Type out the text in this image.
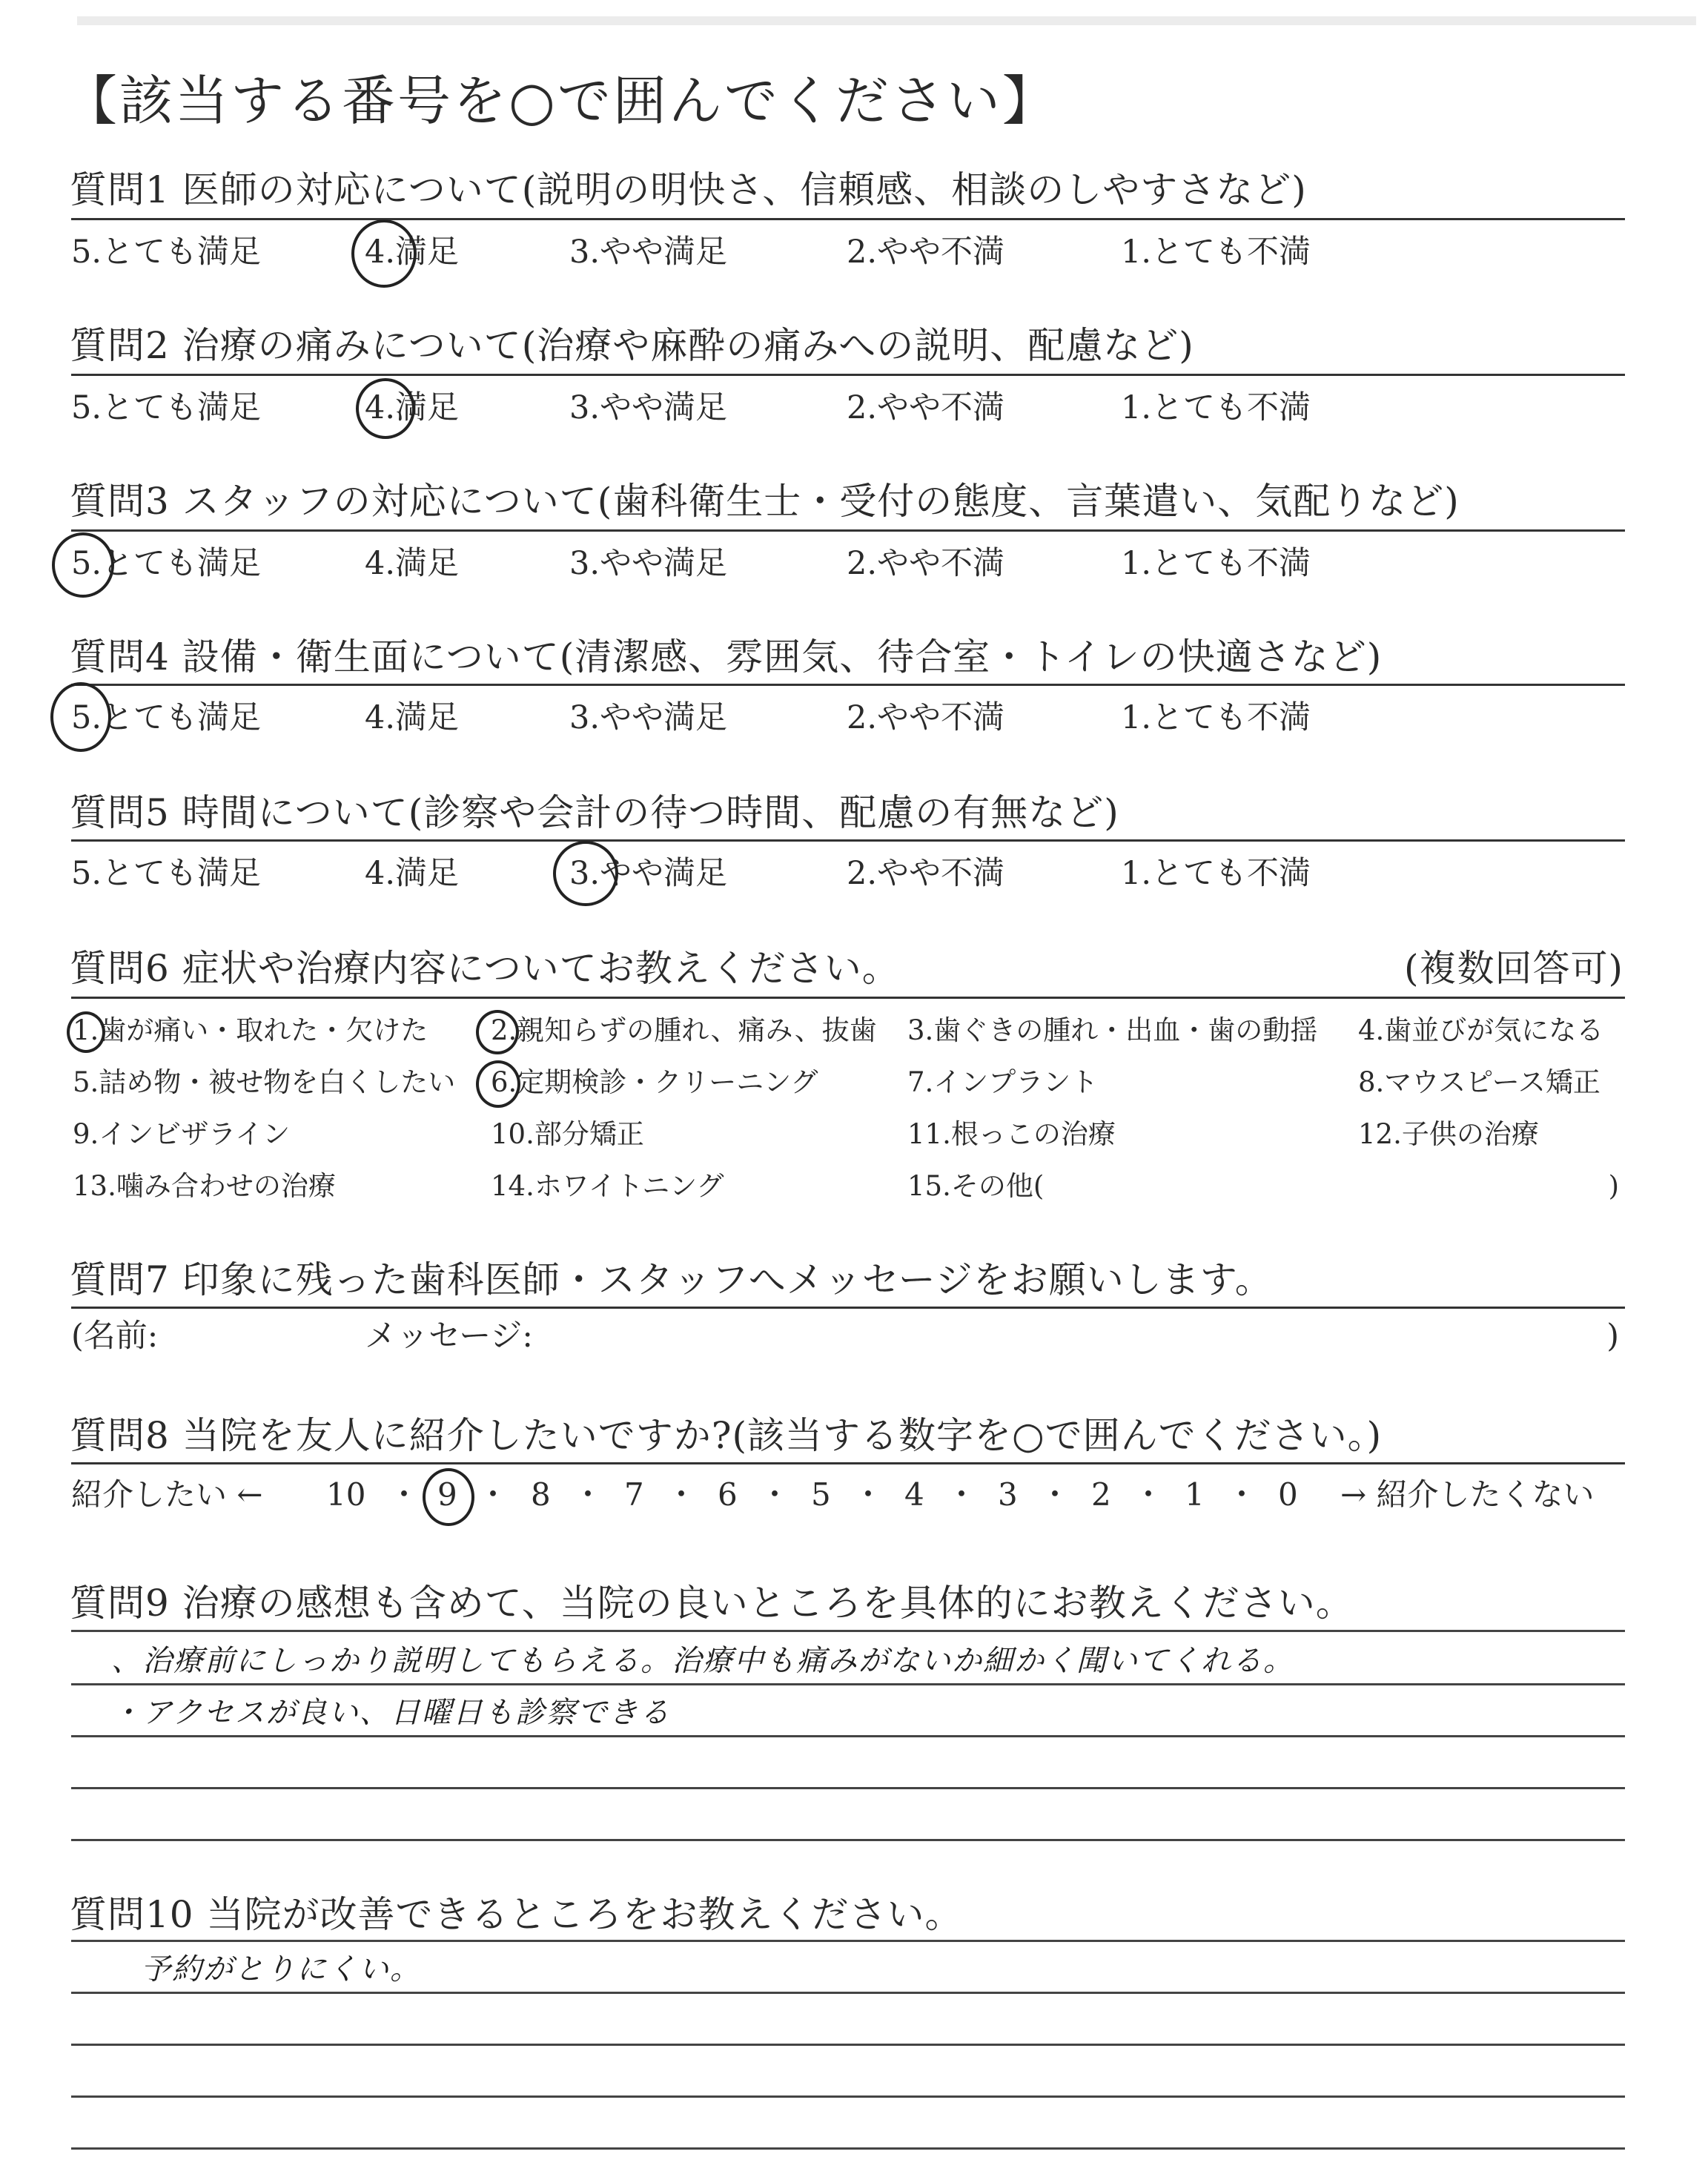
【該当する番号を○で囲んでください】
質問1 医師の対応について(説明の明快さ、信頼感、相談のしやすさなど)
5.とても満足	4.満足	3.やや満足	2.やや不満	1.とても不満
質問2 治療の痛みについて(治療や麻酔の痛みへの説明、配慮など)
5.とても満足	4.満足	3.やや満足	2.やや不満	1.とても不満
質問3 スタッフの対応について(歯科衛生士・受付の態度、言葉遣い、気配りなど)
5.とても満足	4.満足	3.やや満足	2.やや不満	1.とても不満
質問4 設備・衛生面について(清潔感、雰囲気、待合室・トイレの快適さなど)
5.とても満足	4.満足	3.やや満足	2.やや不満	1.とても不満
質問5 時間について(診察や会計の待つ時間、配慮の有無など)
5.とても満足	4.満足	3.やや満足	2.やや不満	1.とても不満
質問6 症状や治療内容についてお教えください。	(複数回答可)
1.歯が痛い・取れた・欠けた 2.親知らずの腫れ、痛み、抜歯 3.歯ぐきの腫れ・出血・歯の動揺 4.歯並びが気になる
5.詰め物・被せ物を白くしたい 6.定期検診・クリーニング	7.インプラント	8.マウスピース矯正
9.インビザライン	10.部分矯正	11.根っこの治療	12.子供の治療
13.噛み合わせの治療	14.ホワイトニング	15.その他(	)
質問7 印象に残った歯科医師・スタッフへメッセージをお願いします。
(名前:	メッセージ:	)
質問8 当院を友人に紹介したいですか?(該当する数字を○で囲んでください。)
紹介したい ← 10 ・ 9 ・ 8 ・ 7 ・ 6 ・ 5 ・ 4 ・ 3 ・ 2 ・ 1 ・ 0 → 紹介したくない
質問9 治療の感想も含めて、当院の良いところを具体的にお教えください。
、治療前にしっかり説明してもらえる。治療中も痛みがないか細かく聞いてくれる。
・アクセスが良い、日曜日も診察できる
質問10 当院が改善できるところをお教えください。
予約がとりにくい。
